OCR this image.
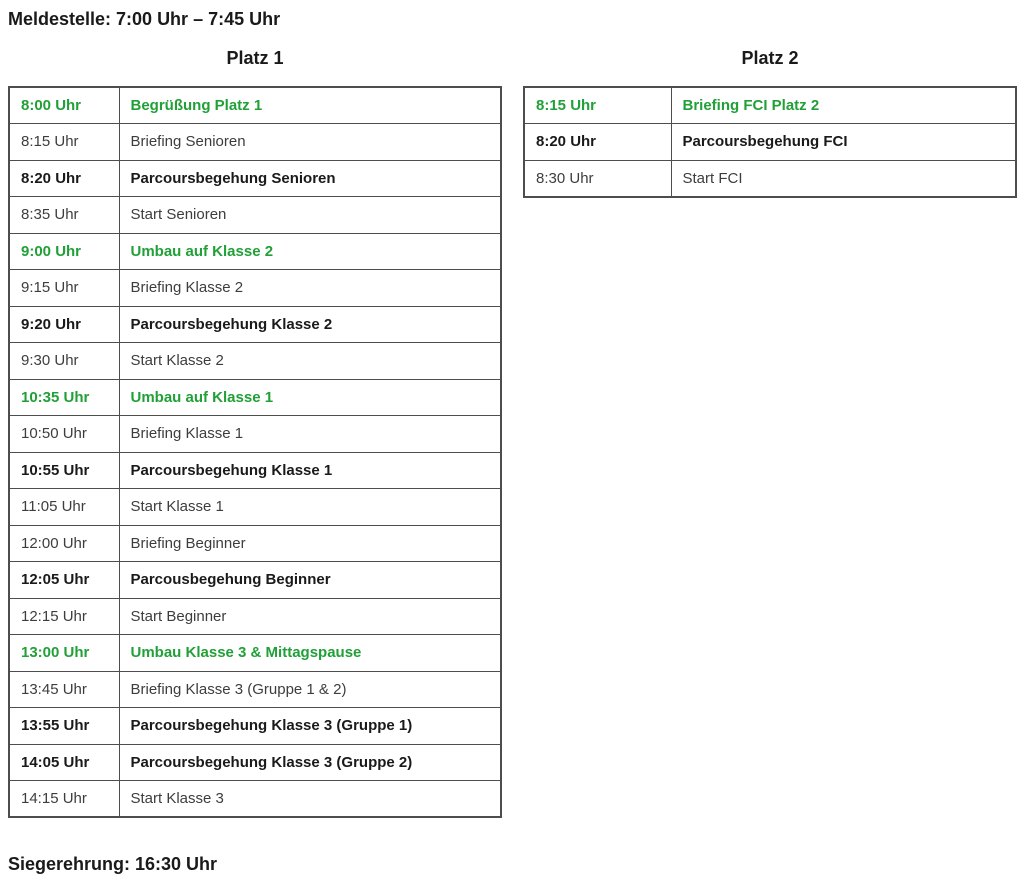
Meldestelle: 7:00 Uhr – 7:45 Uhr
Platz 1
8:00 Uhr	Begrüßung Platz 1
8:15 Uhr	Briefing Senioren
8:20 Uhr	Parcoursbegehung Senioren
8:35 Uhr	Start Senioren
9:00 Uhr	Umbau auf Klasse 2
9:15 Uhr	Briefing Klasse 2
9:20 Uhr	Parcoursbegehung Klasse 2
9:30 Uhr	Start Klasse 2
10:35 Uhr	Umbau auf Klasse 1
10:50 Uhr	Briefing Klasse 1
10:55 Uhr	Parcoursbegehung Klasse 1
11:05 Uhr	Start Klasse 1
12:00 Uhr	Briefing Beginner
12:05 Uhr	Parcousbegehung Beginner
12:15 Uhr	Start Beginner
13:00 Uhr	Umbau Klasse 3 & Mittagspause
13:45 Uhr	Briefing Klasse 3 (Gruppe 1 & 2)
13:55 Uhr	Parcoursbegehung Klasse 3 (Gruppe 1)
14:05 Uhr	Parcoursbegehung Klasse 3 (Gruppe 2)
14:15 Uhr	Start Klasse 3
Platz 2
8:15 Uhr	Briefing FCI Platz 2
8:20 Uhr	Parcoursbegehung FCI
8:30 Uhr	Start FCI
Siegerehrung: 16:30 Uhr
